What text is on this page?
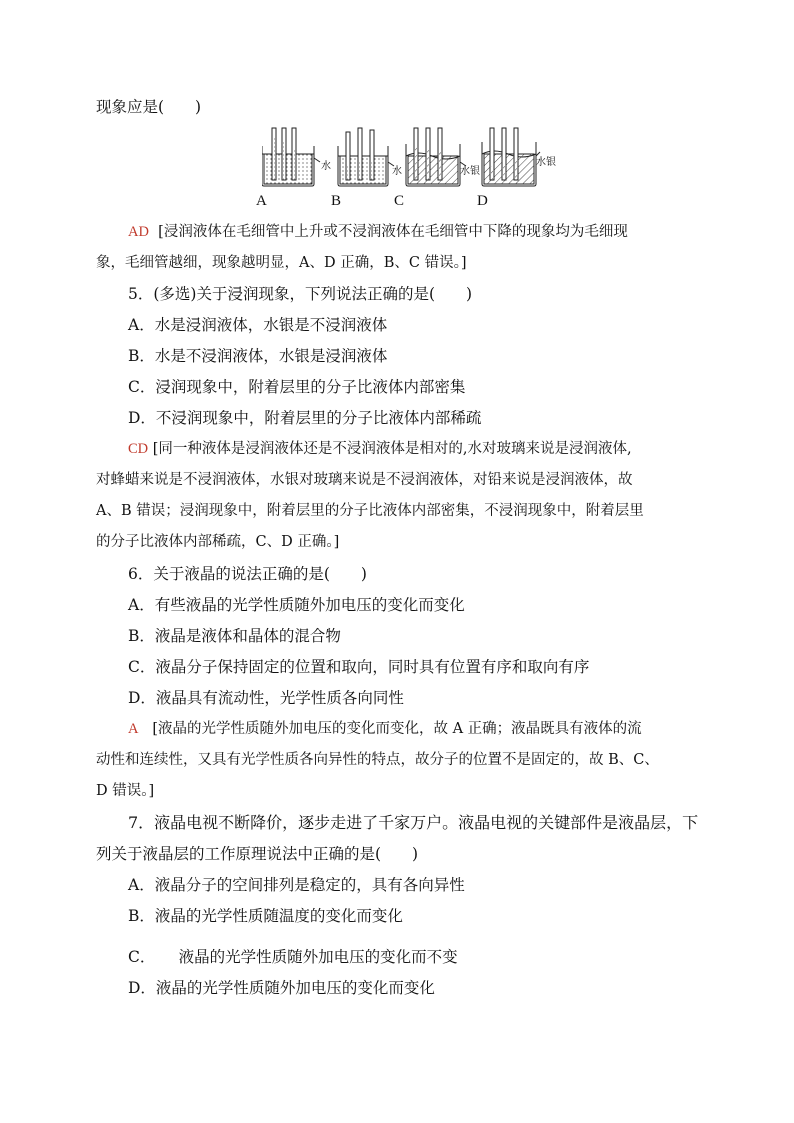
现象应是(　　)
水	水	水银
水银
A	B	C	D
AD [浸润液体在毛细管中上升或不浸润液体在毛细管中下降的现象均为毛细现
象，毛细管越细，现象越明显，A、D 正确，B、C 错误。]
5．(多选)关于浸润现象，下列说法正确的是(　　)
A．水是浸润液体，水银是不浸润液体
B．水是不浸润液体，水银是浸润液体
C．浸润现象中，附着层里的分子比液体内部密集
D．不浸润现象中，附着层里的分子比液体内部稀疏
CD [同一种液体是浸润液体还是不浸润液体是相对的,水对玻璃来说是浸润液体,
对蜂蜡来说是不浸润液体，水银对玻璃来说是不浸润液体，对铅来说是浸润液体，故
A、B 错误；浸润现象中，附着层里的分子比液体内部密集，不浸润现象中，附着层里
的分子比液体内部稀疏，C、D 正确。]
6．关于液晶的说法正确的是(　　)
A．有些液晶的光学性质随外加电压的变化而变化
B．液晶是液体和晶体的混合物
C．液晶分子保持固定的位置和取向，同时具有位置有序和取向有序
D．液晶具有流动性，光学性质各向同性
A [液晶的光学性质随外加电压的变化而变化，故 A 正确；液晶既具有液体的流
动性和连续性，又具有光学性质各向异性的特点，故分子的位置不是固定的，故 B、C、
D 错误。]
7．液晶电视不断降价，逐步走进了千家万户。液晶电视的关键部件是液晶层，下
列关于液晶层的工作原理说法中正确的是(　　)
A．液晶分子的空间排列是稳定的，具有各向异性
B．液晶的光学性质随温度的变化而变化
C．　　液晶的光学性质随外加电压的变化而不变
D．液晶的光学性质随外加电压的变化而变化
